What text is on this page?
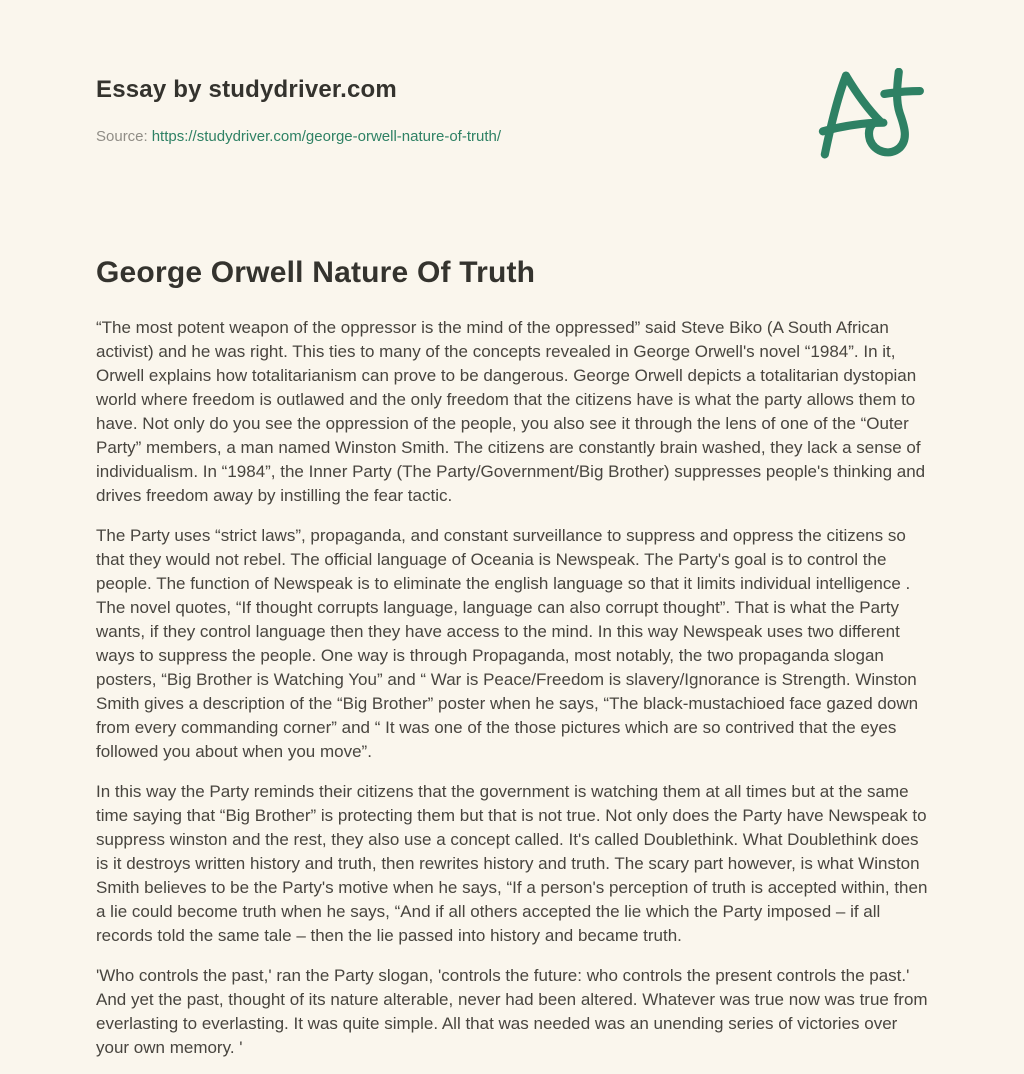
Essay by studydriver.com
Source: https://studydriver.com/george-orwell-nature-of-truth/
George Orwell Nature Of Truth

“The most potent weapon of the oppressor is the mind of the oppressed” said Steve Biko (A South African activist) and he was right. This ties to many of the concepts revealed in George Orwell's novel “1984”. In it, Orwell explains how totalitarianism can prove to be dangerous. George Orwell depicts a totalitarian dystopian world where freedom is outlawed and the only freedom that the citizens have is what the party allows them to have. Not only do you see the oppression of the people, you also see it through the lens of one of the “Outer Party” members, a man named Winston Smith. The citizens are constantly brain washed, they lack a sense of individualism. In “1984”, the Inner Party (The Party/Government/Big Brother) suppresses people's thinking and drives freedom away by instilling the fear tactic.

The Party uses “strict laws”, propaganda, and constant surveillance to suppress and oppress the citizens so that they would not rebel. The official language of Oceania is Newspeak. The Party's goal is to control the people. The function of Newspeak is to eliminate the english language so that it limits individual intelligence . The novel quotes, “If thought corrupts language, language can also corrupt thought”. That is what the Party wants, if they control language then they have access to the mind. In this way Newspeak uses two different ways to suppress the people. One way is through Propaganda, most notably, the two propaganda slogan posters, “Big Brother is Watching You” and “ War is Peace/Freedom is slavery/Ignorance is Strength. Winston Smith gives a description of the “Big Brother” poster when he says, “The black-mustachioed face gazed down from every commanding corner” and “ It was one of the those pictures which are so contrived that the eyes followed you about when you move”.

In this way the Party reminds their citizens that the government is watching them at all times but at the same time saying that “Big Brother” is protecting them but that is not true. Not only does the Party have Newspeak to suppress winston and the rest, they also use a concept called. It's called Doublethink. What Doublethink does is it destroys written history and truth, then rewrites history and truth. The scary part however, is what Winston Smith believes to be the Party's motive when he says, “If a person's perception of truth is accepted within, then a lie could become truth when he says, “And if all others accepted the lie which the Party imposed – if all records told the same tale – then the lie passed into history and became truth.

'Who controls the past,' ran the Party slogan, 'controls the future: who controls the present controls the past.' And yet the past, thought of its nature alterable, never had been altered. Whatever was true now was true from everlasting to everlasting. It was quite simple. All that was needed was an unending series of victories over your own memory. '
